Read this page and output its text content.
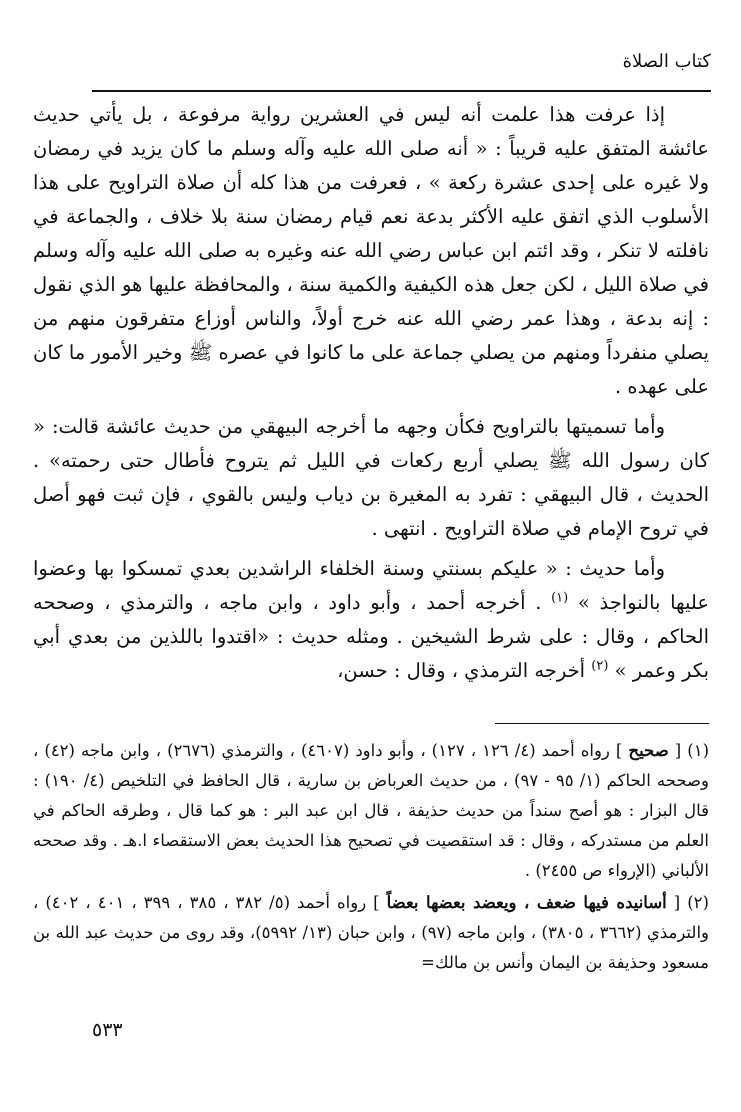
كتاب الصلاة

إذا عرفت هذا علمت أنه ليس في العشرين رواية مرفوعة ، بل يأتي حديث عائشة المتفق عليه قريباً : « أنه صلى الله عليه وآله وسلم ما كان يزيد في رمضان ولا غيره على إحدى عشرة ركعة » ، فعرفت من هذا كله أن صلاة التراويح على هذا الأسلوب الذي اتفق عليه الأكثر بدعة نعم قيام رمضان سنة بلا خلاف ، والجماعة في نافلته لا تنكر ، وقد ائتم ابن عباس رضي الله عنه وغيره به صلى الله عليه وآله وسلم في صلاة الليل ، لكن جعل هذه الكيفية والكمية سنة ، والمحافظة عليها هو الذي نقول : إنه بدعة ، وهذا عمر رضي الله عنه خرج أولاً، والناس أوزاع متفرقون منهم من يصلي منفرداً ومنهم من يصلي جماعة على ما كانوا في عصره ﷺ وخير الأمور ما كان على عهده .

وأما تسميتها بالتراويح فكأن وجهه ما أخرجه البيهقي من حديث عائشة قالت: « كان رسول الله ﷺ يصلي أربع ركعات في الليل ثم يتروح فأطال حتى رحمته» . الحديث ، قال البيهقي : تفرد به المغيرة بن دياب وليس بالقوي ، فإن ثبت فهو أصل في تروح الإمام في صلاة التراويح . انتهى .

وأما حديث : « عليكم بسنتي وسنة الخلفاء الراشدين بعدي تمسكوا بها وعضوا عليها بالنواجذ » $^{(١)}$ . أخرجه أحمد ، وأبو داود ، وابن ماجه ، والترمذي ، وصححه الحاكم ، وقال : على شرط الشيخين . ومثله حديث : «اقتدوا باللذين من بعدي أبي بكر وعمر » $^{(٢)}$ أخرجه الترمذي ، وقال : حسن،

(١) [ صحيح ] رواه أحمد (٤/ ١٢٦ ، ١٢٧) ، وأبو داود (٤٦٠٧) ، والترمذي (٢٦٧٦) ، وابن ماجه (٤٢) ، وصححه الحاكم (١/ ٩٥ - ٩٧) ، من حديث العرباض بن سارية ، قال الحافظ في التلخيص (٤/ ١٩٠) : قال البزار : هو أصح سنداً من حديث حذيفة ، قال ابن عبد البر : هو كما قال ، وطرقه الحاكم في العلم من مستدركه ، وقال : قد استقصيت في تصحيح هذا الحديث بعض الاستقصاء ا.هـ . وقد صححه الألباني (الإرواء ص ٢٤٥٥) .

(٢) [ أسانيده فيها ضعف ، ويعضد بعضها بعضاً ] رواه أحمد (٥/ ٣٨٢ ، ٣٨٥ ، ٣٩٩ ، ٤٠١ ، ٤٠٢) ، والترمذي (٣٦٦٢ ، ٣٨٠٥) ، وابن ماجه (٩٧) ، وابن حبان (١٣/ ٥٩٩٢)، وقد روى من حديث عبد الله بن مسعود وحذيفة بن اليمان وأنس بن مالك=

٥٣٣
